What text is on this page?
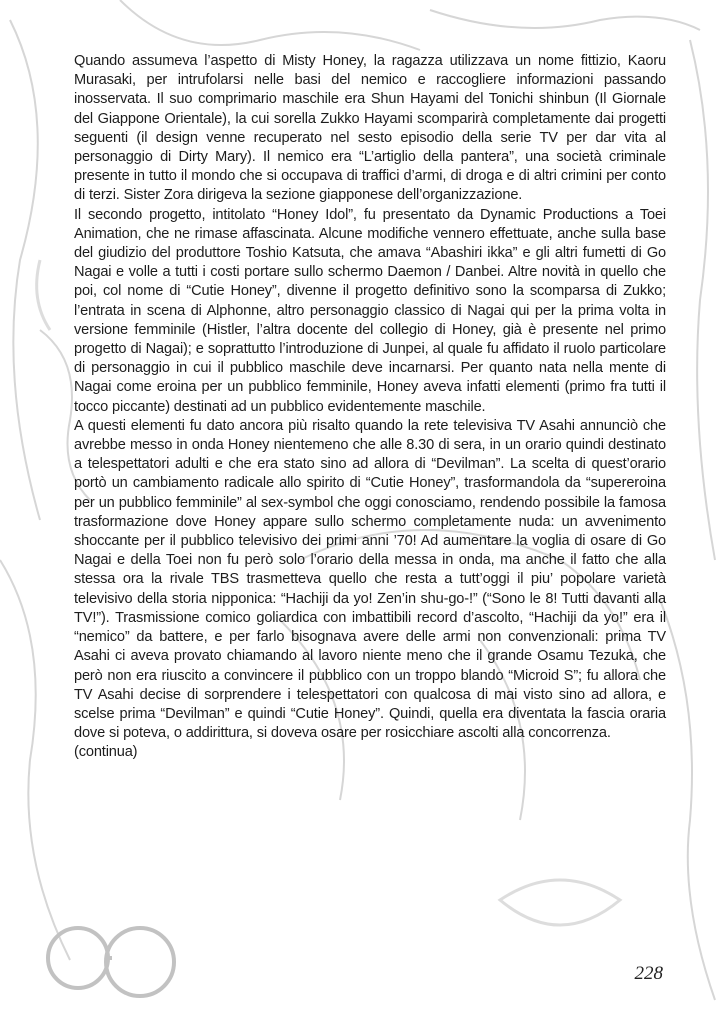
Quando assumeva l’aspetto di Misty Honey, la ragazza utilizzava un nome fittizio, Kaoru Murasaki, per intrufolarsi nelle basi del nemico e raccogliere informazioni passando inosservata. Il suo comprimario maschile era Shun Hayami del Tonichi shinbun (Il Giornale del Giappone Orientale), la cui sorella Zukko Hayami scomparirà completamente dai progetti seguenti (il design venne recuperato nel sesto episodio della serie TV per dar vita al personaggio di Dirty Mary). Il nemico era “L’artiglio della pantera”, una società criminale presente in tutto il mondo che si occupava di traffici d’armi, di droga e di altri crimini per conto di terzi. Sister Zora dirigeva la sezione giapponese dell’organizzazione.

Il secondo progetto, intitolato “Honey Idol”, fu presentato da Dynamic Productions a Toei Animation, che ne rimase affascinata. Alcune modifiche vennero effettuate, anche sulla base del giudizio del produttore Toshio Katsuta, che amava “Abashiri ikka” e gli altri fumetti di Go Nagai e volle a tutti i costi portare sullo schermo Daemon / Danbei. Altre novità in quello che poi, col nome di “Cutie Honey”, divenne il progetto definitivo sono la scomparsa di Zukko; l’entrata in scena di Alphonne, altro personaggio classico di Nagai qui per la prima volta in versione femminile (Histler, l’altra docente del collegio di Honey, già è presente nel primo progetto di Nagai); e soprattutto l’introduzione di Junpei, al quale fu affidato il ruolo particolare di personaggio in cui il pubblico maschile deve incarnarsi. Per quanto nata nella mente di Nagai come eroina per un pubblico femminile, Honey aveva infatti elementi (primo fra tutti il tocco piccante) destinati ad un pubblico evidentemente maschile.

A questi elementi fu dato ancora più risalto quando la rete televisiva TV Asahi annunciò che avrebbe messo in onda Honey nientemeno che alle 8.30 di sera, in un orario quindi destinato a telespettatori adulti e che era stato sino ad allora di “Devilman”. La scelta di quest’orario portò un cambiamento radicale allo spirito di “Cutie Honey”, trasformandola da “supereroina per un pubblico femminile” al sex-symbol che oggi conosciamo, rendendo possibile la famosa trasformazione dove Honey appare sullo schermo completamente nuda: un avvenimento shoccante per il pubblico televisivo dei primi anni ’70! Ad aumentare la voglia di osare di Go Nagai e della Toei non fu però solo l’orario della messa in onda, ma anche il fatto che alla stessa ora la rivale TBS trasmetteva quello che resta a tutt’oggi il piu’ popolare varietà televisivo della storia nipponica: “Hachiji da yo! Zen’in shu-go-!” (“Sono le 8! Tutti davanti alla TV!”). Trasmissione comico goliardica con imbattibili record d’ascolto, “Hachiji da yo!” era il “nemico” da battere, e per farlo bisognava avere delle armi non convenzionali: prima TV Asahi ci aveva provato chiamando al lavoro niente meno che il grande Osamu Tezuka, che però non era riuscito a convincere il pubblico con un troppo blando “Microid S”; fu allora che TV Asahi decise di sorprendere i telespettatori con qualcosa di mai visto sino ad allora, e scelse prima “Devilman” e quindi “Cutie Honey”. Quindi, quella era diventata la fascia oraria dove si poteva, o addirittura, si doveva osare per rosicchiare ascolti alla concorrenza.

(continua)

228
